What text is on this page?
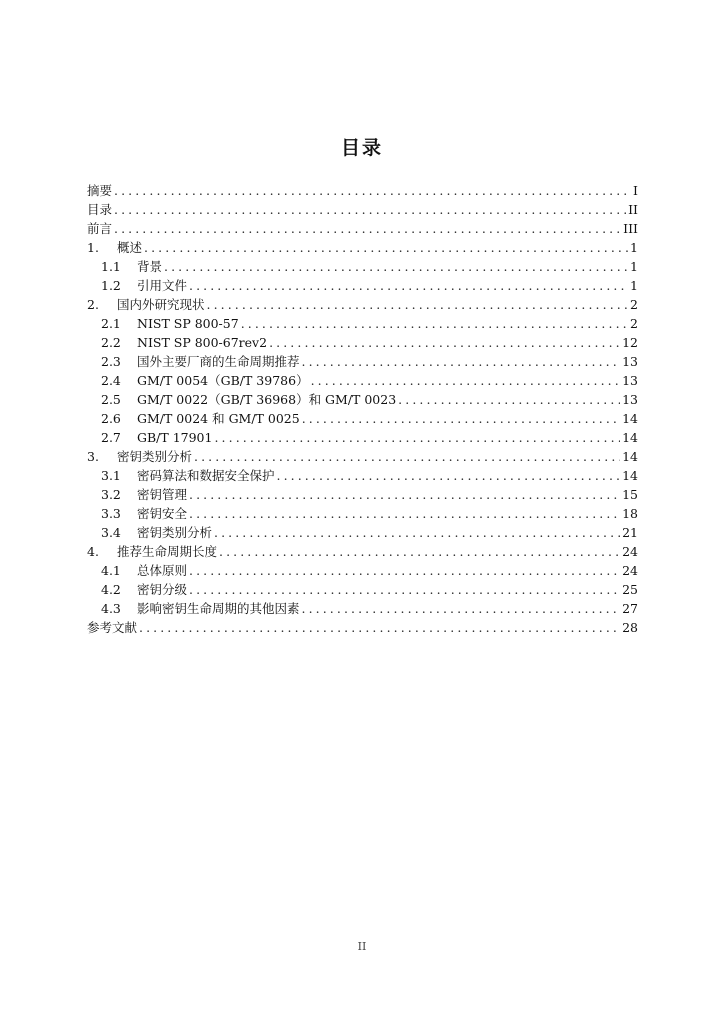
目录
摘要 .....	I
目录 .....	II
前言 .....	III
1. 概述 .....	1
1.1 背景 .....	1
1.2 引用文件 .....	1
2. 国内外研究现状 .....	2
2.1 NIST SP 800-57 .....	2
2.2 NIST SP 800-67rev2 .....	12
2.3 国外主要厂商的生命周期推荐 .....	13
2.4 GM/T 0054（GB/T 39786） .....	13
2.5 GM/T 0022（GB/T 36968）和 GM/T 0023 .....	13
2.6 GM/T 0024 和 GM/T 0025 .....	14
2.7 GB/T 17901 .....	14
3. 密钥类别分析 .....	14
3.1 密码算法和数据安全保护 .....	14
3.2 密钥管理 .....	15
3.3 密钥安全 .....	18
3.4 密钥类别分析 .....	21
4. 推荐生命周期长度 .....	24
4.1 总体原则 .....	24
4.2 密钥分级 .....	25
4.3 影响密钥生命周期的其他因素 .....	27
参考文献 .....	28
II
